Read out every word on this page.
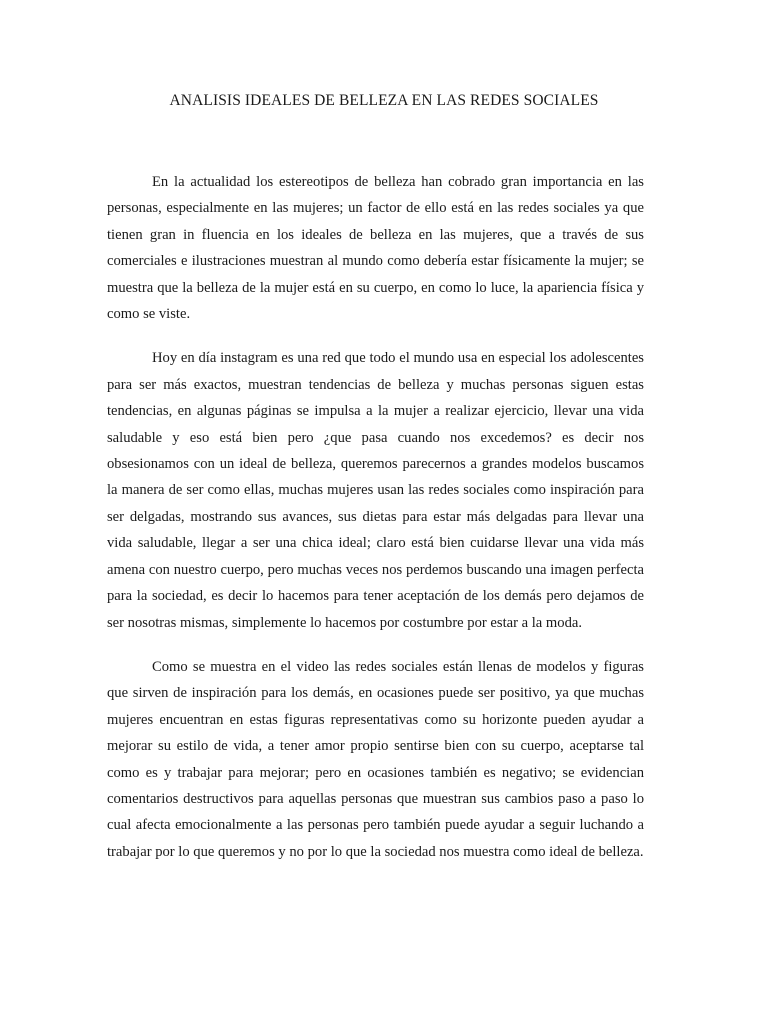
ANALISIS IDEALES DE BELLEZA EN LAS REDES SOCIALES

En la actualidad los estereotipos de belleza han cobrado gran importancia en las personas, especialmente en las mujeres; un factor de ello está en las redes sociales ya que tienen gran in fluencia en los ideales de belleza en las mujeres, que a través de sus comerciales e ilustraciones muestran al mundo como debería estar físicamente la mujer; se muestra que la belleza de la mujer está en su cuerpo, en como lo luce, la apariencia física y como se viste.

Hoy en día instagram es una red que todo el mundo usa en especial los adolescentes para ser más exactos, muestran tendencias de belleza y muchas personas siguen estas tendencias, en algunas páginas se impulsa a la mujer a realizar ejercicio, llevar una vida saludable y eso está bien pero ¿que pasa cuando nos excedemos? es decir nos obsesionamos con un ideal de belleza, queremos parecernos a grandes modelos buscamos la manera de ser como ellas, muchas mujeres usan las redes sociales como inspiración para ser delgadas, mostrando sus avances, sus dietas para estar más delgadas para llevar una vida saludable, llegar a ser una chica ideal; claro está bien cuidarse llevar una vida más amena con nuestro cuerpo, pero muchas veces nos perdemos buscando una imagen perfecta para la sociedad, es decir lo hacemos para tener aceptación de los demás pero dejamos de ser nosotras mismas, simplemente lo hacemos por costumbre por estar a la moda.

Como se muestra en el video las redes sociales están llenas de modelos y figuras que sirven de inspiración para los demás, en ocasiones puede ser positivo, ya que muchas mujeres encuentran en estas figuras representativas como su horizonte pueden ayudar a mejorar su estilo de vida, a tener amor propio sentirse bien con su cuerpo, aceptarse tal como es y trabajar para mejorar; pero en ocasiones también es negativo; se evidencian comentarios destructivos para aquellas personas que muestran sus cambios paso a paso lo cual afecta emocionalmente a las personas pero también puede ayudar a seguir luchando a trabajar por lo que queremos y no por lo que la sociedad nos muestra como ideal de belleza.
